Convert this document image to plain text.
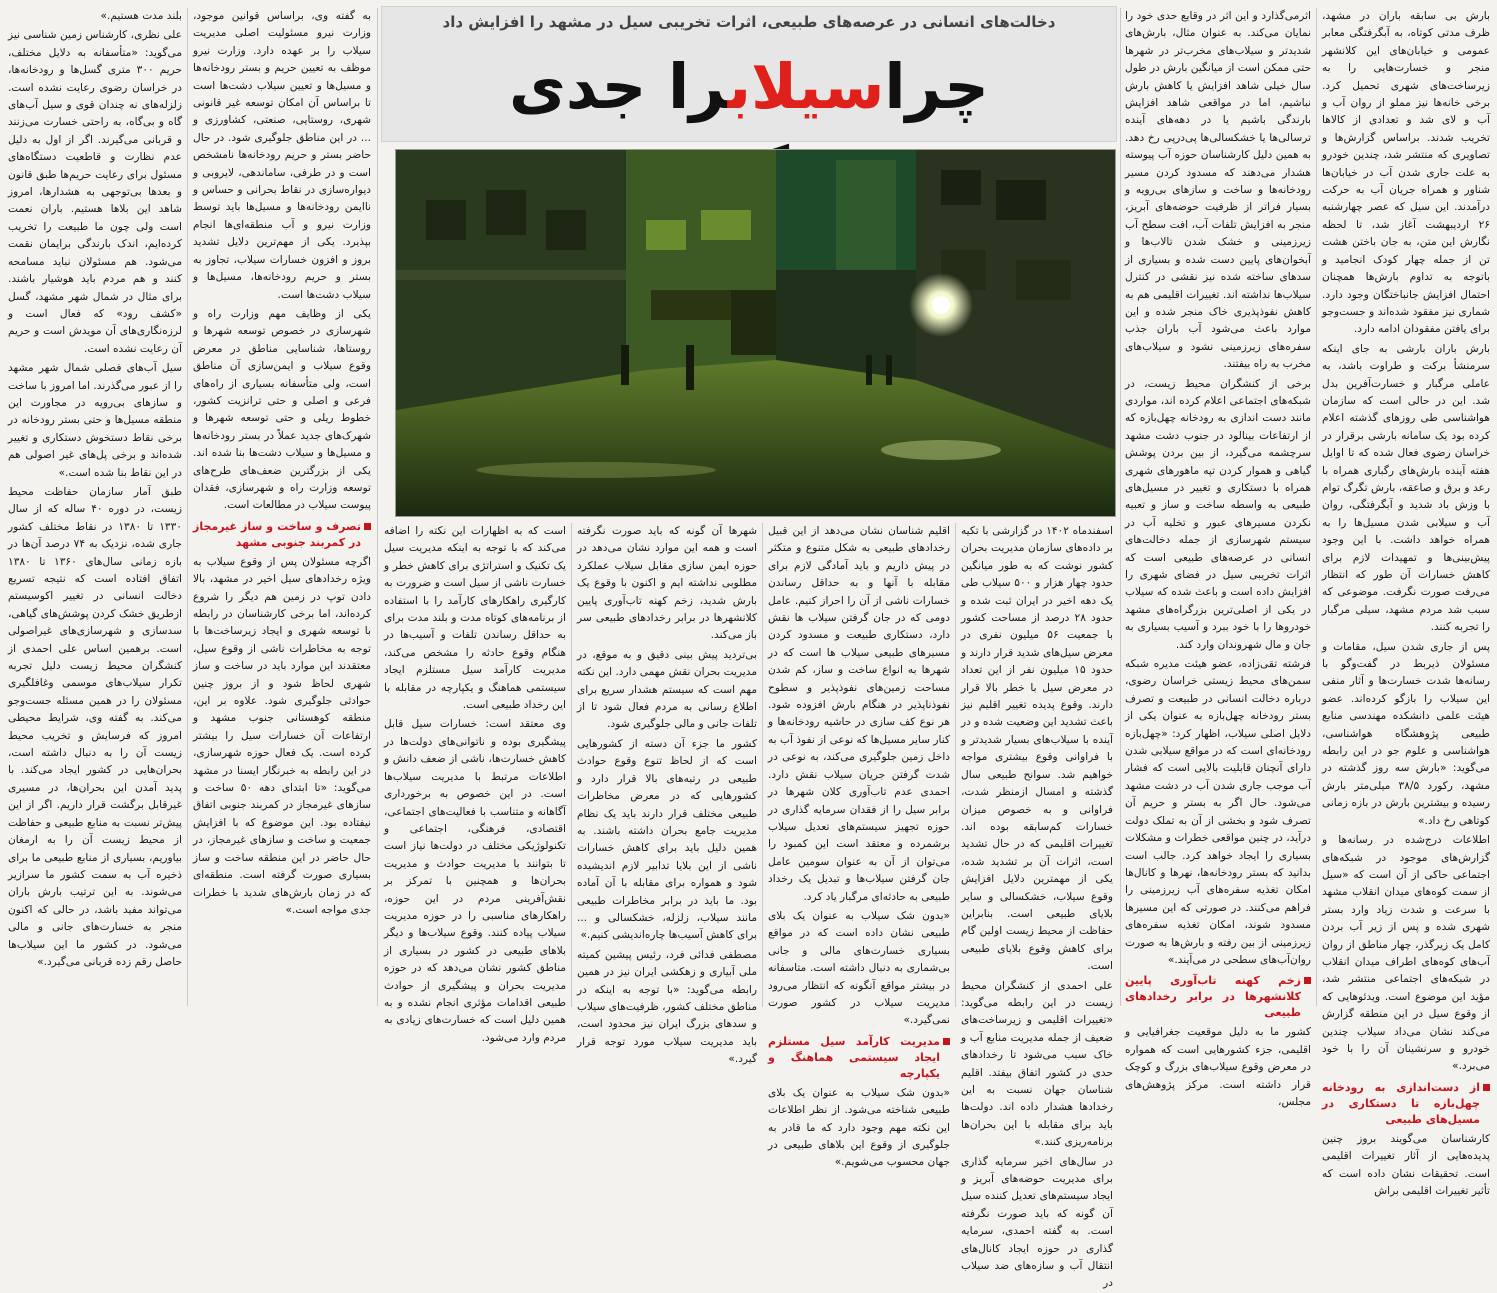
بارش بی سابقه باران در مشهد، ظرف مدتی کوتاه، به آبگرفتگی معابر عمومی و خیابان‌های این کلانشهر منجر و خسارت‌هایی را به زیرساخت‌های شهری تحمیل کرد. برخی خانه‌ها نیز مملو از روان آب و آب و لای شد و تعدادی از کالاها تخریب شدند. براساس گزارش‌ها و تصاویری که منتشر شد، چندین خودرو به علت جاری شدن آب در خیابان‌ها شناور و همراه جریان آب به حرکت درآمدند. این سیل که عصر چهارشنبه ۲۶ اردیبهشت آغاز شد، تا لحظه نگارش این متن، به جان باختن هشت تن از جمله چهار کودک انجامید و باتوجه به تداوم بارش‌ها همچنان احتمال افزایش جانباختگان وجود دارد. شماری نیز مفقود شده‌اند و جست‌وجو برای یافتن مفقودان ادامه دارد.

بارش باران بارشی به جای اینکه سرمنشأ برکت و طراوت باشد، به عاملی مرگبار و خسارت‌آفرین بدل شد. این در حالی است که سازمان هواشناسی طی روزهای گذشته اعلام کرده بود یک سامانه بارشی برقرار در خراسان رضوی فعال شده که تا اوایل هفته آینده بارش‌های رگباری همراه با رعد و برق و صاعقه، بارش تگرگ توام با وزش باد شدید و آبگرفتگی، روان آب و سیلابی شدن مسیل‌ها را به همراه خواهد داشت. با این وجود پیش‌بینی‌ها و تمهیدات لازم برای کاهش خسارات آن طور که انتظار می‌رفت صورت نگرفت. موضوعی که سبب شد مردم مشهد، سیلی مرگبار را تجربه کنند.

پس از جاری شدن سیل، مقامات و مسئولان ذیربط در گفت‌وگو با رسانه‌ها شدت خسارت‌ها و آثار منفی این سیلاب را بازگو کرده‌اند. عضو هیئت علمی دانشکده مهندسی منابع طبیعی پژوهشگاه هواشناسی، هواشناسی و علوم جو در این رابطه می‌گوید: «بارش سه روز گذشته در مشهد، رکورد ۳۸/۵ میلی‌متر بارش رسیده و بیشترین بارش در بازه زمانی کوتاهی رخ داد.»

اطلاعات درج‌شده در رسانه‌ها و گزارش‌های موجود در شبکه‌های اجتماعی حاکی از آن است که «سیل از سمت کوه‌های میدان انقلاب مشهد با سرعت و شدت زیاد وارد بستر شهری شده و پس از زیر آب بردن کامل یک زیرگذر، چهار مناطق از روان آب‌های کوه‌های اطراف میدان انقلاب در شبکه‌های اجتماعی منتشر شد، مؤید این موضوع است. ویدئوهایی که از وقوع سیل در این منطقه گزارش می‌کند نشان می‌داد سیلاب چندین خودرو و سرنشینان آن را با خود می‌برد.»

از دست‌اندازی به رودخانه چهل‌بازه تا دستکاری در مسیل‌های طبیعی

کارشناسان می‌گویند بروز چنین پدیده‌هایی از آثار تغییرات اقلیمی است. تحقیقات نشان داده است که تأثیر تغییرات اقلیمی براش

اثرمی‌گذارد و این اثر در وقایع حدی خود را نمایان می‌کند. به عنوان مثال، بارش‌های شدیدتر و سیلاب‌های مخرب‌تر در شهرها حتی ممکن است از میانگین بارش در طول سال خیلی شاهد افزایش یا کاهش بارش نباشیم، اما در مواقعی شاهد افزایش بارندگی باشیم یا در دهه‌های آینده ترسالی‌ها یا خشکسالی‌ها پی‌درپی رخ دهد. به همین دلیل کارشناسان حوزه آب پیوسته هشدار می‌دهند که مسدود کردن مسیر رودخانه‌ها و ساخت و سازهای بی‌رویه و بسیار فراتر از ظرفیت حوضه‌های آبریز، منجر به افزایش تلفات آب، افت سطح آب زیرزمینی و خشک شدن تالاب‌ها و آبخوان‌های پایین دست شده و بسیاری از سدهای ساخته شده نیز نقشی در کنترل سیلاب‌ها نداشته اند. تغییرات اقلیمی هم به کاهش نفوذپذیری خاک منجر شده و این موارد باعث می‌شود آب باران جذب سفره‌های زیرزمینی نشود و سیلاب‌های مخرب به راه بیفتند.

برخی از کنشگران محیط زیست، در شبکه‌های اجتماعی اعلام کرده اند، مواردی مانند دست اندازی به رودخانه چهل‌بازه که از ارتفاعات بینالود در جنوب دشت مشهد سرچشمه می‌گیرد، از بین بردن پوشش گیاهی و هموار کردن تپه ماهورهای شهری همراه با دستکاری و تغییر در مسیل‌های طبیعی به واسطه ساخت و ساز و تعبیه نکردن مسیرهای عبور و تخلیه آب در سیستم شهرسازی از جمله دخالت‌های انسانی در عرصه‌های طبیعی است که اثرات تخریبی سیل در فضای شهری را افزایش داده است و باعث شده که سیلاب در یکی از اصلی‌ترین بزرگراه‌های مشهد خودروها را با خود ببرد و آسیب بسیاری به جان و مال شهروندان وارد کند.

فرشته تقی‌زاده، عضو هیئت مدیره شبکه سمن‌های محیط زیستی خراسان رضوی، درباره دخالت انسانی در طبیعت و تصرف بستر رودخانه چهل‌بازه به عنوان یکی از دلایل اصلی سیلاب، اظهار کرد: «چهل‌بازه رودخانه‌ای است که در مواقع سیلابی شدن دارای آنچنان قابلیت بالایی است که فشار آب موجب جاری شدن آب در دشت مشهد می‌شود. حال اگر به بستر و حریم آن تصرف شود و بخشی از آن به تملک دولت درآید، در چنین مواقعی خطرات و مشکلات بسیاری را ایجاد خواهد کرد. جالب است بدانید که بستر رودخانه‌ها، نهرها و کانال‌ها امکان تغذیه سفره‌های آب زیرزمینی را فراهم می‌کنند. در صورتی که این مسیرها مسدود شوند، امکان تغذیه سفره‌های زیرزمینی از بین رفته و بارش‌ها به صورت روان‌آب‌های سطحی در می‌آیند.»

زخم کهنه تاب‌آوری پایین کلانشهرها در برابر رخدادهای طبیعی

کشور ما به دلیل موقعیت جغرافیایی و اقلیمی، جزء کشورهایی است که همواره در معرض وقوع سیلاب‌های بزرگ و کوچک قرار داشته است. مرکز پژوهش‌های مجلس،

دخالت‌های انسانی در عرصه‌های طبیعی، اثرات تخریبی سیل در مشهد را افزایش داد
چراسیلابرا جدی

اسفندماه ۱۴۰۲ در گزارشی با تکیه بر داده‌های سازمان مدیریت بحران کشور نوشت که به طور میانگین حدود چهار هزار و ۵۰۰ سیلاب طی یک دهه اخیر در ایران ثبت شده و حدود ۲۸ درصد از مساحت کشور با جمعیت ۵۶ میلیون نفری در معرض سیل‌های شدید قرار دارند و حدود ۱۵ میلیون نفر از این تعداد در معرض سیل با خطر بالا قرار دارند. وقوع پدیده تغییر اقلیم نیز باعث تشدید این وضعیت شده و در آینده با سیلاب‌های بسیار شدیدتر و با فراوانی وقوع بیشتری مواجه خواهیم شد. سوانح طبیعی سال گذشته و امسال ازمنظر شدت، فراوانی و به خصوص میزان خسارات کم‌سابقه بوده اند. تغییرات اقلیمی که در حال تشدید است، اثرات آن بر تشدید شده، یکی از مهمترین دلایل افزایش وقوع سیلاب، خشکسالی و سایر بلایای طبیعی است. بنابراین حفاظت از محیط زیست اولین گام برای کاهش وقوع بلایای طبیعی است.

علی احمدی از کنشگران محیط زیست در این رابطه می‌گوید: «تغییرات اقلیمی و زیرساخت‌های ضعیف از جمله مدیریت منابع آب و خاک سبب می‌شود تا رخدادهای حدی در کشور اتفاق بیفتد. اقلیم شناسان جهان نسبت به این رخدادها هشدار داده اند. دولت‌ها باید برای مقابله با این بحران‌ها برنامه‌ریزی کنند.»

در سال‌های اخیر سرمایه گذاری برای مدیریت حوضه‌های آبریز و ایجاد سیستم‌های تعدیل کننده سیل آن گونه که باید صورت نگرفته است. به گفته احمدی، سرمایه گذاری در حوزه ایجاد کانال‌های انتقال آب و سازه‌های ضد سیلاب در

اقلیم شناسان نشان می‌دهد از این قبیل رخدادهای طبیعی به شکل متنوع و متکثر در پیش داریم و باید آمادگی لازم برای مقابله با آنها و به حداقل رساندن خسارات ناشی از آن را احراز کنیم. عامل دومی که در جان گرفتن سیلاب ها نقش دارد، دستکاری طبیعت و مسدود کردن مسیرهای طبیعی سیلاب ها است که در شهرها به انواع ساخت و ساز، کم شدن مساحت زمین‌های نفوذپذیر و سطوح نفوذناپذیر در هنگام بارش افزوده شود. هر نوع کف سازی در حاشیه رودخانه‌ها و کنار سایر مسیل‌ها که نوعی از نفوذ آب به داخل زمین جلوگیری می‌کند، به نوعی در شدت گرفتن جریان سیلاب نقش دارد. احمدی عدم تاب‌آوری کلان شهرها در برابر سیل را از فقدان سرمایه گذاری در حوزه تجهیز سیستم‌های تعدیل سیلاب برشمرده و معتقد است این کمبود را می‌توان از آن به عنوان سومین عامل جان گرفتن سیلاب‌ها و تبدیل یک رخداد طبیعی به حادثه‌ای مرگبار یاد کرد.

«بدون شک سیلاب به عنوان یک بلای طبیعی نشان داده است که در مواقع بسیاری خسارت‌های مالی و جانی بی‌شماری به دنبال داشته است. متاسفانه در بیشتر مواقع آنگونه که انتظار می‌رود مدیریت سیلاب در کشور صورت نمی‌گیرد.»

مدیریت کارآمد سیل مستلزم ایجاد سیستمی هماهنگ و یکپارچه

«بدون شک سیلاب به عنوان یک بلای طبیعی شناخته می‌شود. از نظر اطلاعات این نکته مهم وجود دارد که ما قادر به جلوگیری از وقوع این بلاهای طبیعی در جهان محسوب می‌شویم.»

شهرها آن گونه که باید صورت نگرفته است و همه این موارد نشان می‌دهد در حوزه ایمن سازی مقابل سیلاب عملکرد مطلوبی نداشته ایم و اکنون با وقوع یک بارش شدید، زخم کهنه تاب‌آوری پایین کلانشهرها در برابر رخدادهای طبیعی سر باز می‌کند.

بی‌تردید پیش بینی دقیق و به موقع، در مدیریت بحران نقش مهمی دارد. این نکته مهم است که سیستم هشدار سریع برای اطلاع رسانی به مردم فعال شود تا از تلفات جانی و مالی جلوگیری شود.

کشور ما جزء آن دسته از کشورهایی است که از لحاظ تنوع وقوع حوادث طبیعی در رتبه‌های بالا قرار دارد و کشورهایی که در معرض مخاطرات طبیعی مختلف قرار دارند باید یک نظام مدیریت جامع بحران داشته باشند. به همین دلیل باید برای کاهش خسارات ناشی از این بلایا تدابیر لازم اندیشیده شود و همواره برای مقابله با آن آماده بود. ما باید در برابر مخاطرات طبیعی مانند سیلاب، زلزله، خشکسالی و ... برای کاهش آسیب‌ها چاره‌اندیشی کنیم.»

مصطفی فدائی فرد، رئیس پیشین کمیته ملی آبیاری و زهکشی ایران نیز در همین رابطه می‌گوید: «با توجه به اینکه در مناطق مختلف کشور، ظرفیت‌های سیلاب و سدهای بزرگ ایران نیز محدود است، باید مدیریت سیلاب مورد توجه قرار گیرد.»

است که به اظهارات این نکته را اضافه می‌کند که با توجه به اینکه مدیریت سیل یک تکنیک و استراتژی برای کاهش خطر و خسارت ناشی از سیل است و ضرورت به کارگیری راهکارهای کارآمد را با استفاده از برنامه‌های کوتاه مدت و بلند مدت برای به حداقل رساندن تلفات و آسیب‌ها در هنگام وقوع حادثه را مشخص می‌کند، مدیریت کارآمد سیل مستلزم ایجاد سیستمی هماهنگ و یکپارچه در مقابله با این رخداد طبیعی است.

وی معتقد است: خسارات سیل قابل پیشگیری بوده و ناتوانی‌های دولت‌ها در کاهش خسارت‌ها، ناشی از ضعف دانش و اطلاعات مرتبط با مدیریت سیلاب‌ها است. در این خصوص به برخورداری آگاهانه و متناسب با فعالیت‌های اجتماعی، اقتصادی، فرهنگی، اجتماعی و تکنولوژیکی مختلف در دولت‌ها نیاز است تا بتوانند با مدیریت حوادث و مدیریت بحران‌ها و همچنین با تمرکز بر نقش‌آفرینی مردم در این حوزه، راهکارهای مناسبی را در حوزه مدیریت سیلاب پیاده کنند. وقوع سیلاب‌ها و دیگر بلاهای طبیعی در کشور در بسیاری از مناطق کشور نشان می‌دهد که در حوزه مدیریت بحران و پیشگیری از حوادث طبیعی اقدامات مؤثری انجام نشده و به همین دلیل است که خسارت‌های زیادی به مردم وارد می‌شود.

به گفته‌ وی، براساس قوانین موجود، وزارت نیرو مسئولیت اصلی مدیریت سیلاب را بر عهده دارد. وزارت نیرو موظف به تعیین حریم و بستر رودخانه‌ها و مسیل‌ها و تعیین سیلاب دشت‌ها است تا براساس آن امکان توسعه غیر قانونی شهری، روستایی، صنعتی، کشاورزی و ... در این مناطق جلوگیری شود. در حال حاضر بستر و حریم رودخانه‌ها نامشخص است و در طرفی، ساماندهی، لایروبی و دیواره‌سازی در نقاط بحرانی و حساس و ناایمن رودخانه‌ها و مسیل‌ها باید توسط وزارت نیرو و آب منطقه‌ای‌ها انجام بپذیرد. یکی از مهم‌ترین دلایل تشدید بروز و افزون خسارات سیلاب، تجاوز به بستر و حریم رودخانه‌ها، مسیل‌ها و سیلاب دشت‌ها است.

یکی از وظایف مهم وزارت راه و شهرسازی در خصوص توسعه شهرها و روستاها، شناسایی مناطق در معرض وقوع سیلاب و ایمن‌سازی آن مناطق است، ولی متأسفانه بسیاری از راه‌های فرعی و اصلی و حتی ترانزیت کشور، خطوط ریلی و حتی توسعه شهرها و شهرک‌های جدید عملاً در بستر رودخانه‌ها و مسیل‌ها و سیلاب دشت‌ها بنا شده اند. یکی از بزرگترین ضعف‌های طرح‌های توسعه وزارت راه و شهرسازی، فقدان پیوست سیلاب در مطالعات است.

تصرف و ساخت و ساز غیرمجاز در کمربند جنوبی مشهد

اگرچه مسئولان پس از وقوع سیلاب به ویژه رخدادهای سیل اخیر در مشهد، بالا دادن توپ در زمین هم دیگر را شروع کرده‌اند، اما برخی کارشناسان در رابطه با توسعه شهری و ایجاد زیرساخت‌ها با توجه به مخاطرات ناشی از وقوع سیل، معتقدند این موارد باید در ساخت و ساز شهری لحاظ شود و از بروز چنین حوادثی جلوگیری شود. علاوه بر این، منطقه کوهستانی جنوب مشهد و ارتفاعات آن خسارات سیل را بیشتر کرده است. یک فعال حوزه شهرسازی، در این رابطه به خبرنگار ایسنا در مشهد می‌گوید: «تا ابتدای دهه ۵۰ ساخت و سازهای غیرمجاز در کمربند جنوبی اتفاق نیفتاده بود. این موضوع که با افزایش جمعیت و ساخت و سازهای غیرمجاز، در حال حاضر در این منطقه ساخت و ساز بسیاری صورت گرفته است. منطقه‌ای که در زمان بارش‌های شدید با خطرات جدی مواجه است.»

بلند مدت هستیم.»

علی نظری، کارشناس زمین شناسی نیز می‌گوید: «متأسفانه به دلایل مختلف، حریم ۳۰۰ متری گسل‌ها و رودخانه‌ها، در خراسان رضوی رعایت نشده است. زلزله‌های نه چندان قوی و سیل آب‌های گاه و بی‌گاه، به راحتی خسارت می‌زنند و قربانی می‌گیرند. اگر از اول به دلیل عدم نظارت و قاطعیت دستگاه‌های مسئول برای رعایت حریم‌ها طبق قانون و بعدها بی‌توجهی به هشدارها، امروز شاهد این بلاها هستیم. باران نعمت است ولی چون ما طبیعت را تخریب کرده‌ایم، اندک بارندگی برایمان نقمت می‌شود. هم مسئولان نباید مسامحه کنند و هم مردم باید هوشیار باشند. برای مثال در شمال شهر مشهد، گسل «کشف رود» که فعال است و لرزه‌نگاری‌های آن مویدش است و حریم آن رعایت نشده است.

سیل آب‌های فصلی شمال شهر مشهد را از عبور می‌گذرند. اما امروز با ساخت و سازهای بی‌رویه در مجاورت این منطقه مسیل‌ها و حتی بستر رودخانه در برخی نقاط دستخوش دستکاری و تغییر شده‌اند و برخی پل‌های غیر اصولی هم در این نقاط بنا شده است.»

طبق آمار سازمان حفاظت محیط زیست، در دوره ۴۰ ساله که از سال ۱۳۳۰ تا ۱۳۸۰ در نقاط مختلف کشور جاری شده، نزدیک به ۷۴ درصد آن‌ها در بازه زمانی سال‌های ۱۳۶۰ تا ۱۳۸۰ اتفاق افتاده است که نتیجه تسریع دخالت انسانی در تغییر اکوسیستم ازطریق خشک کردن پوشش‌های گیاهی، سدسازی و شهرسازی‌های غیراصولی است. برهمین اساس علی احمدی از کنشگران محیط زیست دلیل تجربه تکرار سیلاب‌های موسمی وغافلگیری مسئولان را در همین مسئله جست‌وجو می‌کند. به گفته وی، شرایط محیطی امروز که فرسایش و تخریب محیط زیست آن را به دنبال داشته است، بحران‌هایی در کشور ایجاد می‌کند. با پدید آمدن این بحران‌ها، در مسیری غیرقابل برگشت قرار داریم. اگر از این پیش‌تر نسبت به منابع طبیعی و حفاظت از محیط زیست آن را به ارمغان بیاوریم، بسیاری از منابع طبیعی ما برای ذخیره آب به سمت کشور ما سرازیر می‌شوند. به این ترتیب بارش باران می‌تواند مفید باشد، در حالی که اکنون منجر به خسارت‌های جانی و مالی می‌شود. در کشور ما این سیلاب‌ها حاصل رقم زده قربانی می‌گیرد.»
